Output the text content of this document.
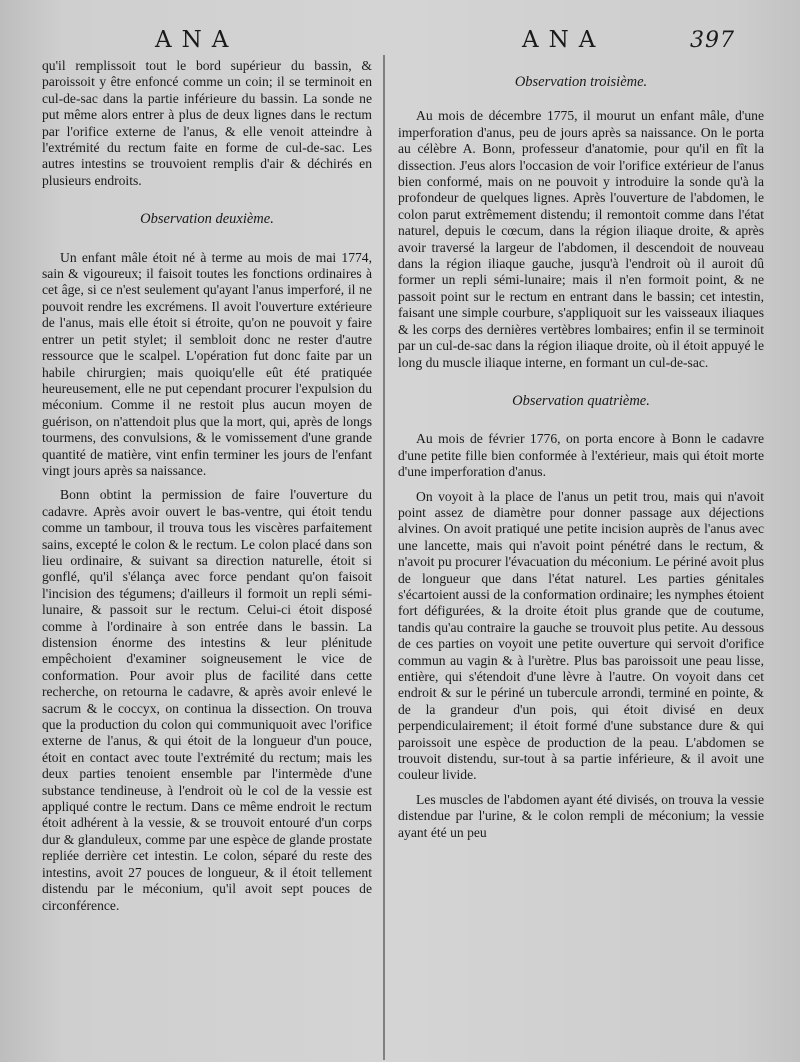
ANA	ANA	397

qu'il remplissoit tout le bord supérieur du bassin, & paroissoit y être enfoncé comme un coin; il se terminoit en cul-de-sac dans la partie inférieure du bassin. La sonde ne put même alors entrer à plus de deux lignes dans le rectum par l'orifice externe de l'anus, & elle venoit atteindre à l'extrémité du rectum faite en forme de cul-de-sac. Les autres intestins se trouvoient remplis d'air & déchirés en plusieurs endroits.

Observation deuxième.

Un enfant mâle étoit né à terme au mois de mai 1774, sain & vigoureux; il faisoit toutes les fonctions ordinaires à cet âge, si ce n'est seulement qu'ayant l'anus imperforé, il ne pouvoit rendre les excrémens. Il avoit l'ouverture extérieure de l'anus, mais elle étoit si étroite, qu'on ne pouvoit y faire entrer un petit stylet; il sembloit donc ne rester d'autre ressource que le scalpel. L'opération fut donc faite par un habile chirurgien; mais quoiqu'elle eût été pratiquée heureusement, elle ne put cependant procurer l'expulsion du méconium. Comme il ne restoit plus aucun moyen de guérison, on n'attendoit plus que la mort, qui, après de longs tourmens, des convulsions, & le vomissement d'une grande quantité de matière, vint enfin terminer les jours de l'enfant vingt jours après sa naissance.

Bonn obtint la permission de faire l'ouverture du cadavre. Après avoir ouvert le bas-ventre, qui étoit tendu comme un tambour, il trouva tous les viscères parfaitement sains, excepté le colon & le rectum. Le colon placé dans son lieu ordinaire, & suivant sa direction naturelle, étoit si gonflé, qu'il s'élança avec force pendant qu'on faisoit l'incision des tégumens; d'ailleurs il formoit un repli sémi-lunaire, & passoit sur le rectum. Celui-ci étoit disposé comme à l'ordinaire à son entrée dans le bassin. La distension énorme des intestins & leur plénitude empêchoient d'examiner soigneusement le vice de conformation. Pour avoir plus de facilité dans cette recherche, on retourna le cadavre, & après avoir enlevé le sacrum & le coccyx, on continua la dissection. On trouva que la production du colon qui communiquoit avec l'orifice externe de l'anus, & qui étoit de la longueur d'un pouce, étoit en contact avec toute l'extrémité du rectum; mais les deux parties tenoient ensemble par l'intermède d'une substance tendineuse, à l'endroit où le col de la vessie est appliqué contre le rectum. Dans ce même endroit le rectum étoit adhérent à la vessie, & se trouvoit entouré d'un corps dur & glanduleux, comme par une espèce de glande prostate repliée derrière cet intestin. Le colon, séparé du reste des intestins, avoit 27 pouces de longueur, & il étoit tellement distendu par le méconium, qu'il avoit sept pouces de circonférence.

Observation troisième.

Au mois de décembre 1775, il mourut un enfant mâle, d'une imperforation d'anus, peu de jours après sa naissance. On le porta au célèbre A. Bonn, professeur d'anatomie, pour qu'il en fît la dissection. J'eus alors l'occasion de voir l'orifice extérieur de l'anus bien conformé, mais on ne pouvoit y introduire la sonde qu'à la profondeur de quelques lignes. Après l'ouverture de l'abdomen, le colon parut extrêmement distendu; il remontoit comme dans l'état naturel, depuis le cœcum, dans la région iliaque droite, & après avoir traversé la largeur de l'abdomen, il descendoit de nouveau dans la région iliaque gauche, jusqu'à l'endroit où il auroit dû former un repli sémi-lunaire; mais il n'en formoit point, & ne passoit point sur le rectum en entrant dans le bassin; cet intestin, faisant une simple courbure, s'appliquoit sur les vaisseaux iliaques & les corps des dernières vertèbres lombaires; enfin il se terminoit par un cul-de-sac dans la région iliaque droite, où il étoit appuyé le long du muscle iliaque interne, en formant un cul-de-sac.

Observation quatrième.

Au mois de février 1776, on porta encore à Bonn le cadavre d'une petite fille bien conformée à l'extérieur, mais qui étoit morte d'une imperforation d'anus.

On voyoit à la place de l'anus un petit trou, mais qui n'avoit point assez de diamètre pour donner passage aux déjections alvines. On avoit pratiqué une petite incision auprès de l'anus avec une lancette, mais qui n'avoit point pénétré dans le rectum, & n'avoit pu procurer l'évacuation du méconium. Le périné avoit plus de longueur que dans l'état naturel. Les parties génitales s'écartoient aussi de la conformation ordinaire; les nymphes étoient fort défigurées, & la droite étoit plus grande que de coutume, tandis qu'au contraire la gauche se trouvoit plus petite. Au dessous de ces parties on voyoit une petite ouverture qui servoit d'orifice commun au vagin & à l'urètre. Plus bas paroissoit une peau lisse, entière, qui s'étendoit d'une lèvre à l'autre. On voyoit dans cet endroit & sur le périné un tubercule arrondi, terminé en pointe, & de la grandeur d'un pois, qui étoit divisé en deux perpendiculairement; il étoit formé d'une substance dure & qui paroissoit une espèce de production de la peau. L'abdomen se trouvoit distendu, sur-tout à sa partie inférieure, & il avoit une couleur livide.

Les muscles de l'abdomen ayant été divisés, on trouva la vessie distendue par l'urine, & le colon rempli de méconium; la vessie ayant été un peu
